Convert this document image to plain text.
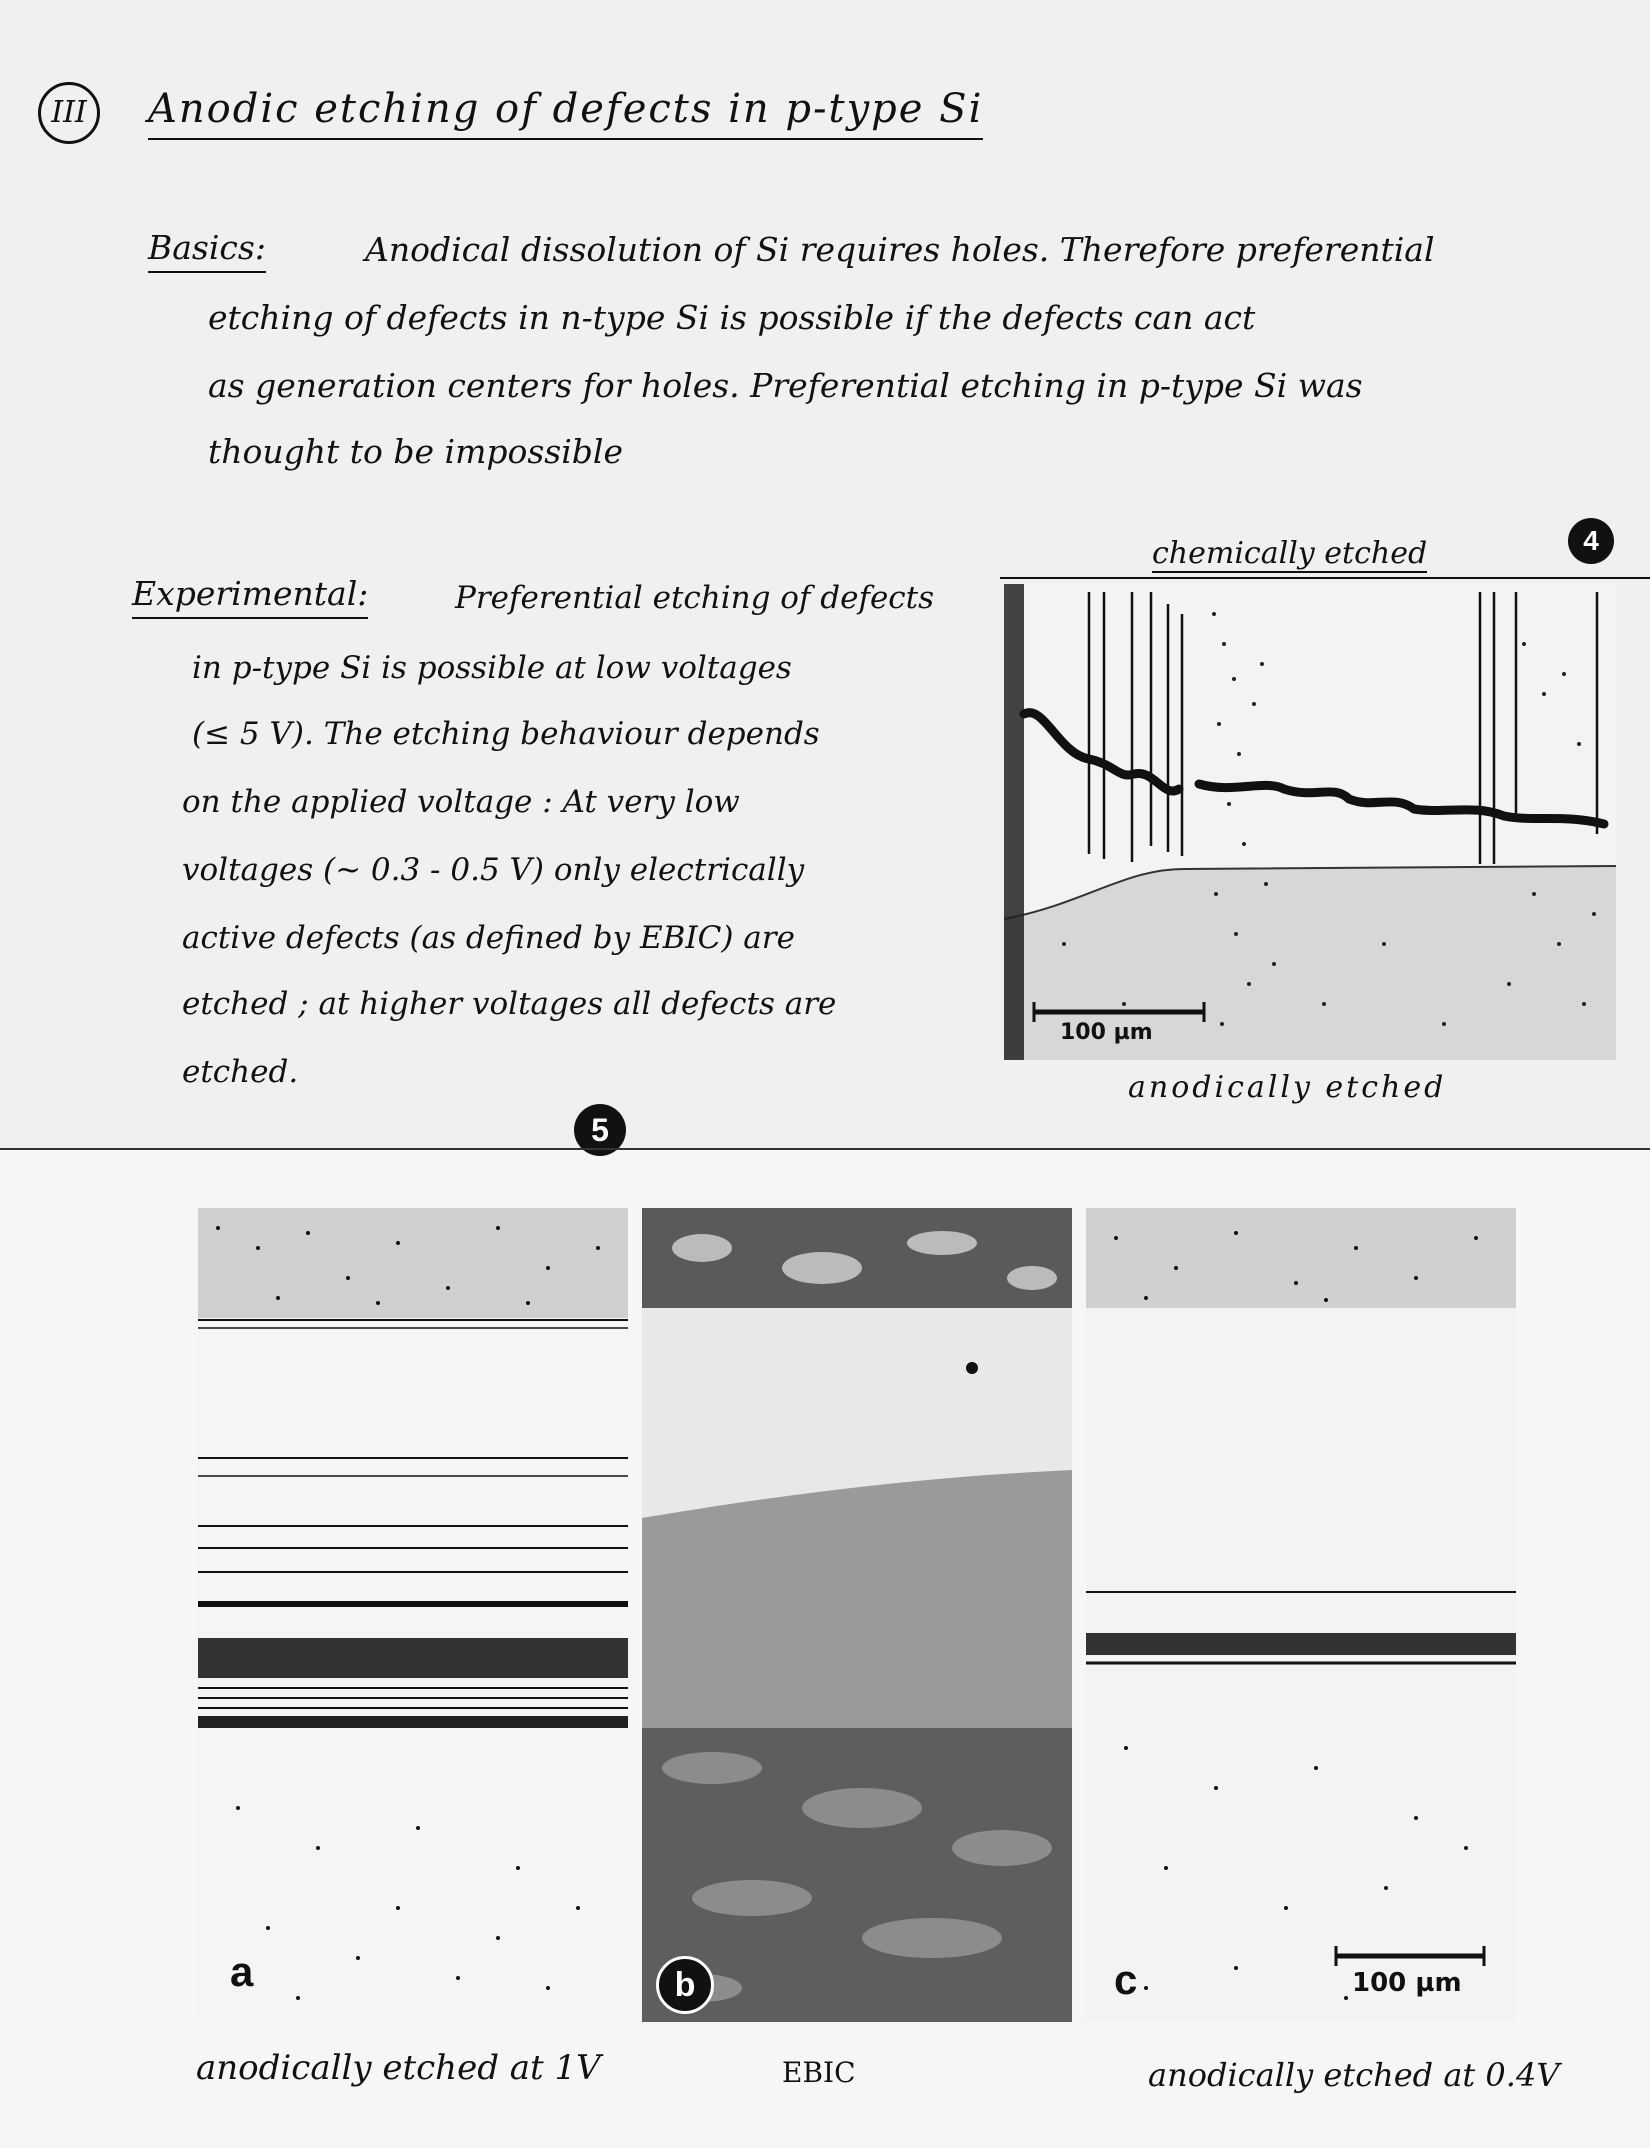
III	Anodic etching of defects in p-type Si
Basics:	Anodical dissolution of Si requires holes. Therefore preferential
etching of defects in n-type Si is possible if the defects can act
as generation centers for holes. Preferential etching in p-type Si was
thought to be impossible
Experimental:	Preferential etching of defects
in p-type Si is possible at low voltages
(≤ 5 V). The etching behaviour depends
on the applied voltage : At very low
voltages (~ 0.3 - 0.5 V) only electrically
active defects (as defined by EBIC) are
etched ; at higher voltages all defects are
etched.
chemically etched	4
100 µm
anodically etched
5
a	b	c	100 µm
anodically etched at 1V	EBIC	anodically etched at 0.4V
